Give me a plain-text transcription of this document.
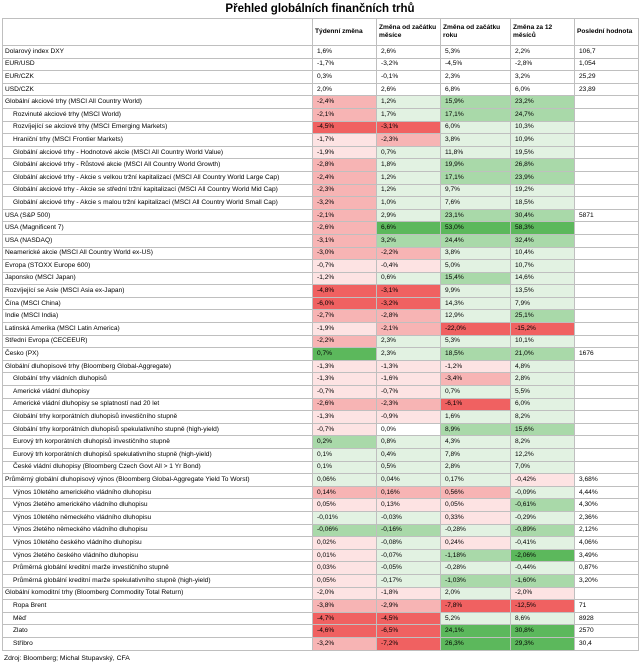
Přehled globálních finančních trhů
	Týdenní změna	Změna od začátku měsíce	Změna od začátku roku	Změna za 12 měsíců	Poslední hodnota
Dolarový index DXY	1,6%	2,6%	5,3%	2,2%	106,7
EUR/USD	-1,7%	-3,2%	-4,5%	-2,8%	1,054
EUR/CZK	0,3%	-0,1%	2,3%	3,2%	25,29
USD/CZK	2,0%	2,6%	6,8%	6,0%	23,89
Globální akciové trhy (MSCI All Country World)	-2,4%	1,2%	15,9%	23,2%	
Rozvinuté akciové trhy (MSCI World)	-2,1%	1,7%	17,1%	24,7%	
Rozvíjející se akciové trhy (MSCI Emerging Markets)	-4,5%	-3,1%	6,0%	10,3%	
Hraniční trhy (MSCI Frontier Markets)	-1,7%	-2,3%	3,8%	10,9%	
Globální akciové trhy - Hodnotové akcie (MSCI All Country World Value)	-1,9%	0,7%	11,8%	19,5%	
Globální akciové trhy - Růstové akcie (MSCI All Country World Growth)	-2,8%	1,8%	19,9%	26,8%	
Globální akciové trhy - Akcie s velkou tržní kapitalizací (MSCI All Country World Large Cap)	-2,4%	1,2%	17,1%	23,9%	
Globální akciové trhy - Akcie se střední tržní kapitalizací (MSCI All Country World Mid Cap)	-2,3%	1,2%	9,7%	19,2%	
Globální akciové trhy - Akcie s malou tržní kapitalizací (MSCI All Country World Small Cap)	-3,2%	1,0%	7,6%	18,5%	
USA (S&P 500)	-2,1%	2,9%	23,1%	30,4%	5871
USA (Magnificent 7)	-2,6%	6,6%	53,0%	58,3%	
USA (NASDAQ)	-3,1%	3,2%	24,4%	32,4%	
Neamerické akcie (MSCI All Country World ex-US)	-3,0%	-2,2%	3,8%	10,4%	
Evropa (STOXX Europe 600)	-0,7%	-0,4%	5,0%	10,7%	
Japonsko (MSCI Japan)	-1,2%	0,6%	15,4%	14,6%	
Rozvíjející se Asie (MSCI Asia ex-Japan)	-4,8%	-3,1%	9,9%	13,5%	
Čína (MSCI China)	-6,0%	-3,2%	14,3%	7,9%	
Indie (MSCI India)	-2,7%	-2,8%	12,9%	25,1%	
Latinská Amerika (MSCI Latin America)	-1,9%	-2,1%	-22,0%	-15,2%	
Střední Evropa (CECEEUR)	-2,2%	2,3%	5,3%	10,1%	
Česko (PX)	0,7%	2,3%	18,5%	21,0%	1676
Globální dluhopisové trhy (Bloomberg Global-Aggregate)	-1,3%	-1,3%	-1,2%	4,8%	
Globální trhy vládních dluhopisů	-1,3%	-1,6%	-3,4%	2,8%	
Americké vládní dluhopisy	-0,7%	-0,7%	0,7%	5,5%	
Americké vládní dluhopisy se splatností nad 20 let	-2,6%	-2,3%	-6,1%	6,0%	
Globální trhy korporátních dluhopisů investičního stupně	-1,3%	-0,9%	1,6%	8,2%	
Globální trhy korporátních dluhopisů spekulativního stupně (high-yield)	-0,7%	0,0%	8,9%	15,6%	
Eurový trh korporátních dluhopisů investičního stupně	0,2%	0,8%	4,3%	8,2%	
Eurový trh korporátních dluhopisů spekulativního stupně (high-yield)	0,1%	0,4%	7,8%	12,2%	
České vládní dluhopisy (Bloomberg Czech Govt All > 1 Yr Bond)	0,1%	0,5%	2,8%	7,0%	
Průměrný globální dluhopisový výnos (Bloomberg Global-Aggregate Yield To Worst)	0,06%	0,04%	0,17%	-0,42%	3,68%
Výnos 10letého amerického vládního dluhopisu	0,14%	0,16%	0,56%	-0,09%	4,44%
Výnos 2letého amerického vládního dluhopisu	0,05%	0,13%	0,05%	-0,61%	4,30%
Výnos 10letého německého vládního dluhopisu	-0,01%	-0,03%	0,33%	-0,29%	2,36%
Výnos 2letého německého vládního dluhopisu	-0,06%	-0,16%	-0,28%	-0,89%	2,12%
Výnos 10letého českého vládního dluhopisu	0,02%	-0,08%	0,24%	-0,41%	4,06%
Výnos 2letého českého vládního dluhopisu	0,01%	-0,07%	-1,18%	-2,06%	3,49%
Průměrná globální kreditní marže investičního stupně	0,03%	-0,05%	-0,28%	-0,44%	0,87%
Průměrná globální kreditní marže spekulativního stupně (high-yield)	0,05%	-0,17%	-1,03%	-1,60%	3,20%
Globální komoditní trhy (Bloomberg Commodity Total Return)	-2,0%	-1,8%	2,0%	-2,0%	
Ropa Brent	-3,8%	-2,9%	-7,8%	-12,5%	71
Měď	-4,7%	-4,5%	5,2%	8,6%	8928
Zlato	-4,6%	-6,5%	24,1%	30,8%	2570
Stříbro	-3,2%	-7,2%	26,3%	29,3%	30,4
Zdroj: Bloomberg; Michal Stupavský, CFA
